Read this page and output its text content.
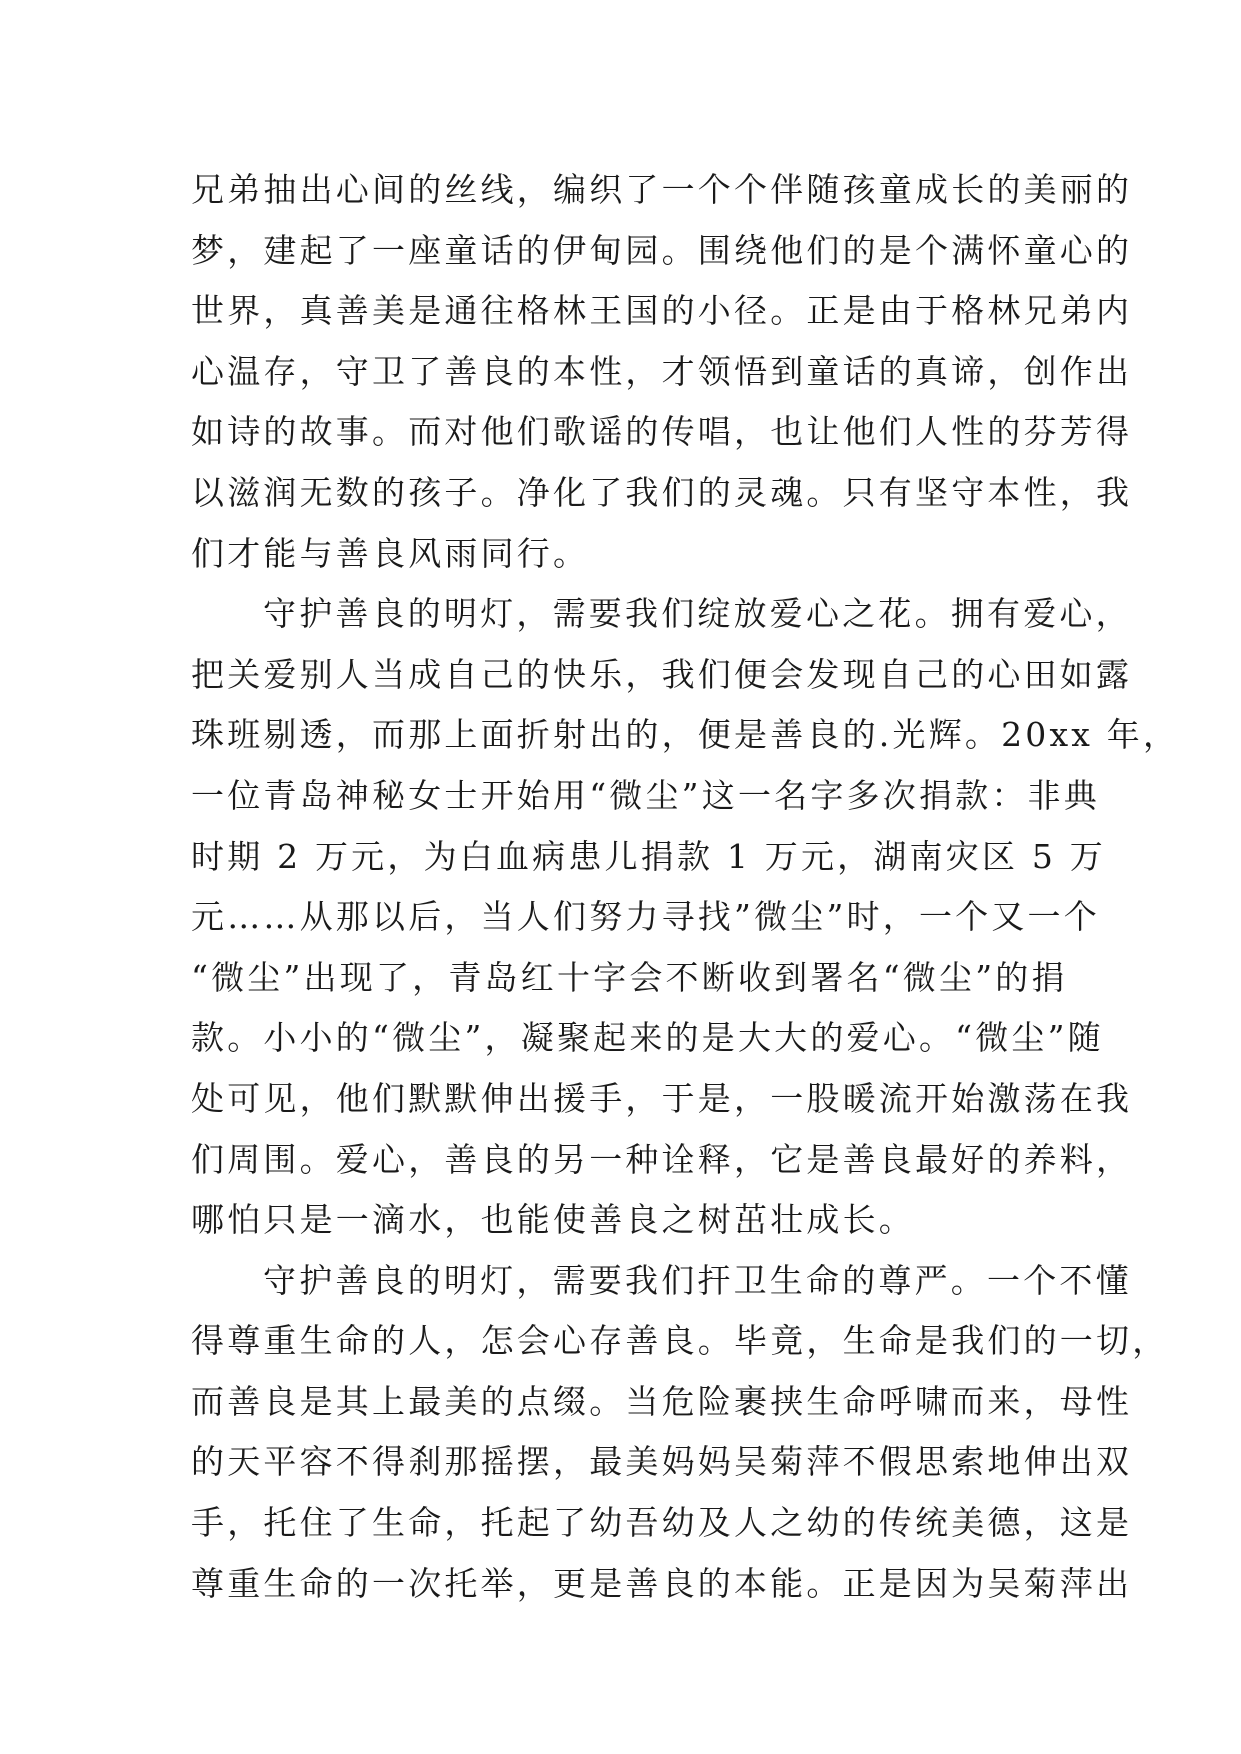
兄弟抽出心间的丝线，编织了一个个伴随孩童成长的美丽的
梦，建起了一座童话的伊甸园。围绕他们的是个满怀童心的
世界，真善美是通往格林王国的小径。正是由于格林兄弟内
心温存，守卫了善良的本性，才领悟到童话的真谛，创作出
如诗的故事。而对他们歌谣的传唱，也让他们人性的芬芳得
以滋润无数的孩子。净化了我们的灵魂。只有坚守本性，我
们才能与善良风雨同行。
守护善良的明灯，需要我们绽放爱心之花。拥有爱心，
把关爱别人当成自己的快乐，我们便会发现自己的心田如露
珠班剔透，而那上面折射出的，便是善良的.光辉。20xx 年，
一位青岛神秘女士开始用“微尘”这一名字多次捐款：非典
时期 2 万元，为白血病患儿捐款 1 万元，湖南灾区 5 万
元……从那以后，当人们努力寻找”微尘”时，一个又一个
“微尘”出现了，青岛红十字会不断收到署名“微尘”的捐
款。小小的“微尘”，凝聚起来的是大大的爱心。“微尘”随
处可见，他们默默伸出援手，于是，一股暖流开始激荡在我
们周围。爱心，善良的另一种诠释，它是善良最好的养料，
哪怕只是一滴水，也能使善良之树茁壮成长。
守护善良的明灯，需要我们扞卫生命的尊严。一个不懂
得尊重生命的人，怎会心存善良。毕竟，生命是我们的一切，
而善良是其上最美的点缀。当危险裹挟生命呼啸而来，母性
的天平容不得刹那摇摆，最美妈妈吴菊萍不假思索地伸出双
手，托住了生命，托起了幼吾幼及人之幼的传统美德，这是
尊重生命的一次托举，更是善良的本能。正是因为吴菊萍出
